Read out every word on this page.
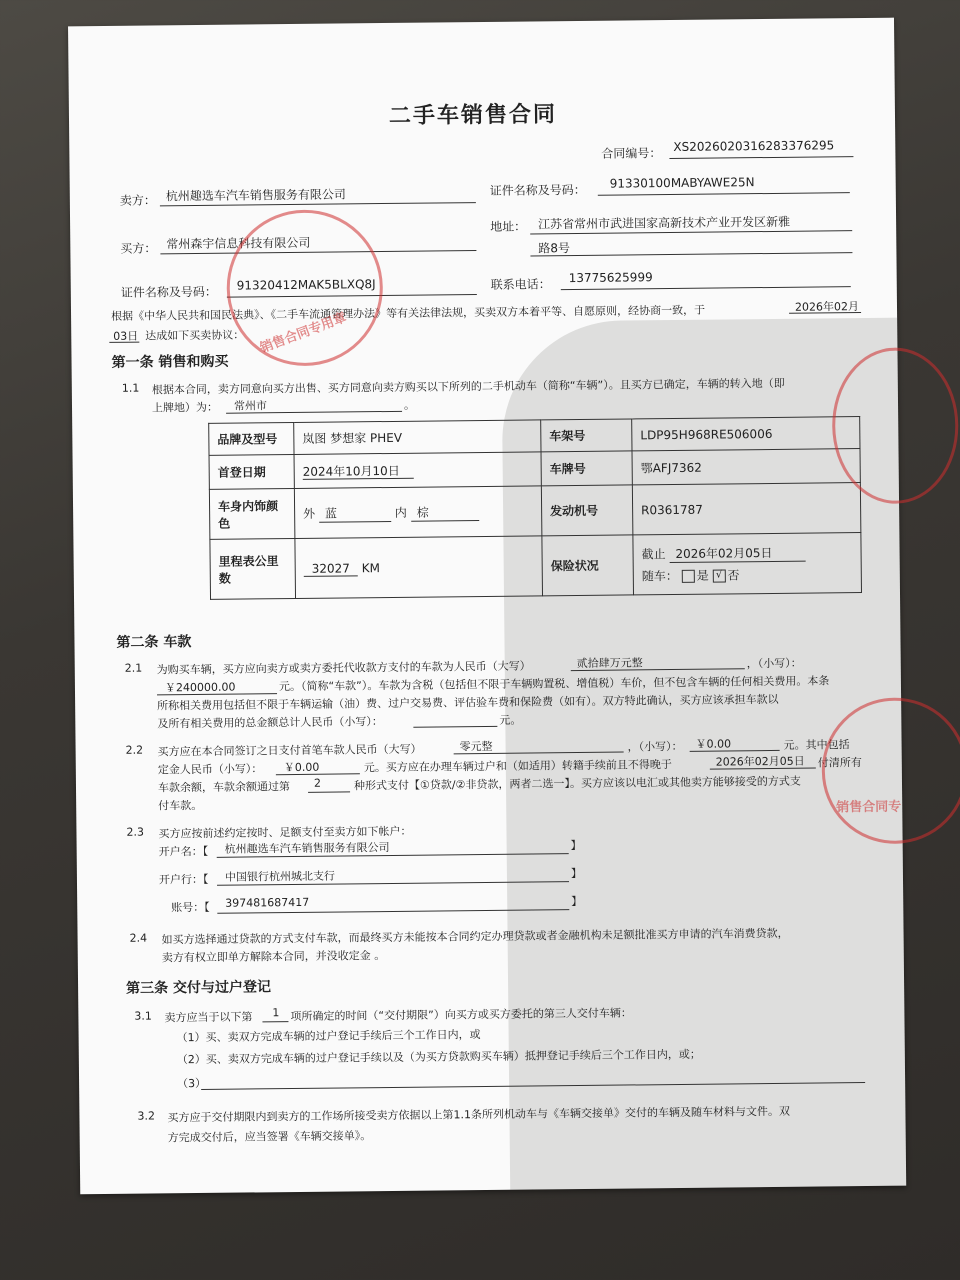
二手车销售合同
合同编号： XS2026020316283376295
卖方： 杭州趣选车汽车销售服务有限公司	证件名称及号码： 91330100MABYAWE25N
地址： 江苏省常州市武进国家高新技术产业开发区新雅
路8号
买方： 常州森宇信息科技有限公司
证件名称及号码： 91320412MAK5BLXQ8J	联系电话： 13775625999
根据《中华人民共和国民法典》、《二手车流通管理办法》等有关法律法规，买卖双方本着平等、自愿原则，经协商一致，于	2026年02月
03日 达成如下买卖协议：
第一条 销售和购买
1.1 根据本合同，卖方同意向买方出售、买方同意向卖方购买以下所列的二手机动车（简称“车辆”）。且买方已确定，车辆的转入地（即
上牌地）为： 常州市	。
品牌及型号	岚图 梦想家 PHEV	车架号	LDP95H968RE506006
首登日期	2024年10月10日	车牌号	鄂AFJ7362
车身内饰颜色	外 蓝 内 棕	发动机号	R0361787
里程表公里数	32027 KM	保险状况	截止 2026年02月05日
随车： 是 √ 否
第二条 车款
2.1 为购买车辆，买方应向卖方或卖方委托代收款方支付的车款为人民币（大写）	贰拾肆万元整	，（小写）：
￥240000.00	元。（简称“车款”）。车款为含税（包括但不限于车辆购置税、增值税）车价，但不包含车辆的任何相关费用。本条
所称相关费用包括但不限于车辆运输（油）费、过户交易费、评估验车费和保险费（如有）。双方特此确认，买方应该承担车款以
及所有相关费用的总金额总计人民币（小写）：	元。
2.2 买方应在本合同签订之日支付首笔车款人民币（大写）	零元整	，（小写）： ￥0.00	元。其中包括
定金人民币（小写）： ￥0.00	元。买方应在办理车辆过户和（如适用）转籍手续前且不得晚于	2026年02月05日 付清所有
车款余额，车款余额通过第 2	种形式支付【①贷款/②非贷款，两者二选一】。买方应该以电汇或其他卖方能够接受的方式支
付车款。
2.3 买方应按前述约定按时、足额支付至卖方如下帐户：
开户名：【 杭州趣选车汽车销售服务有限公司	】
开户行：【 中国银行杭州城北支行	】
账号：【 397481687417	】
2.4 如买方选择通过贷款的方式支付车款，而最终买方未能按本合同约定办理贷款或者金融机构未足额批准买方申请的汽车消费贷款，
卖方有权立即单方解除本合同，并没收定金 。
第三条 交付与过户登记
3.1 卖方应当于以下第 1 项所确定的时间（“交付期限”）向买方或买方委托的第三人交付车辆：
（1）买、卖双方完成车辆的过户登记手续后三个工作日内，或
（2）买、卖双方完成车辆的过户登记手续以及（为买方贷款购买车辆）抵押登记手续后三个工作日内，或；
（3）
3.2 买方应于交付期限内到卖方的工作场所接受卖方依据以上第1.1条所列机动车与《车辆交接单》交付的车辆及随车材料与文件。双
方完成交付后，应当签署《车辆交接单》。
销售合同专用章
销售合同专
